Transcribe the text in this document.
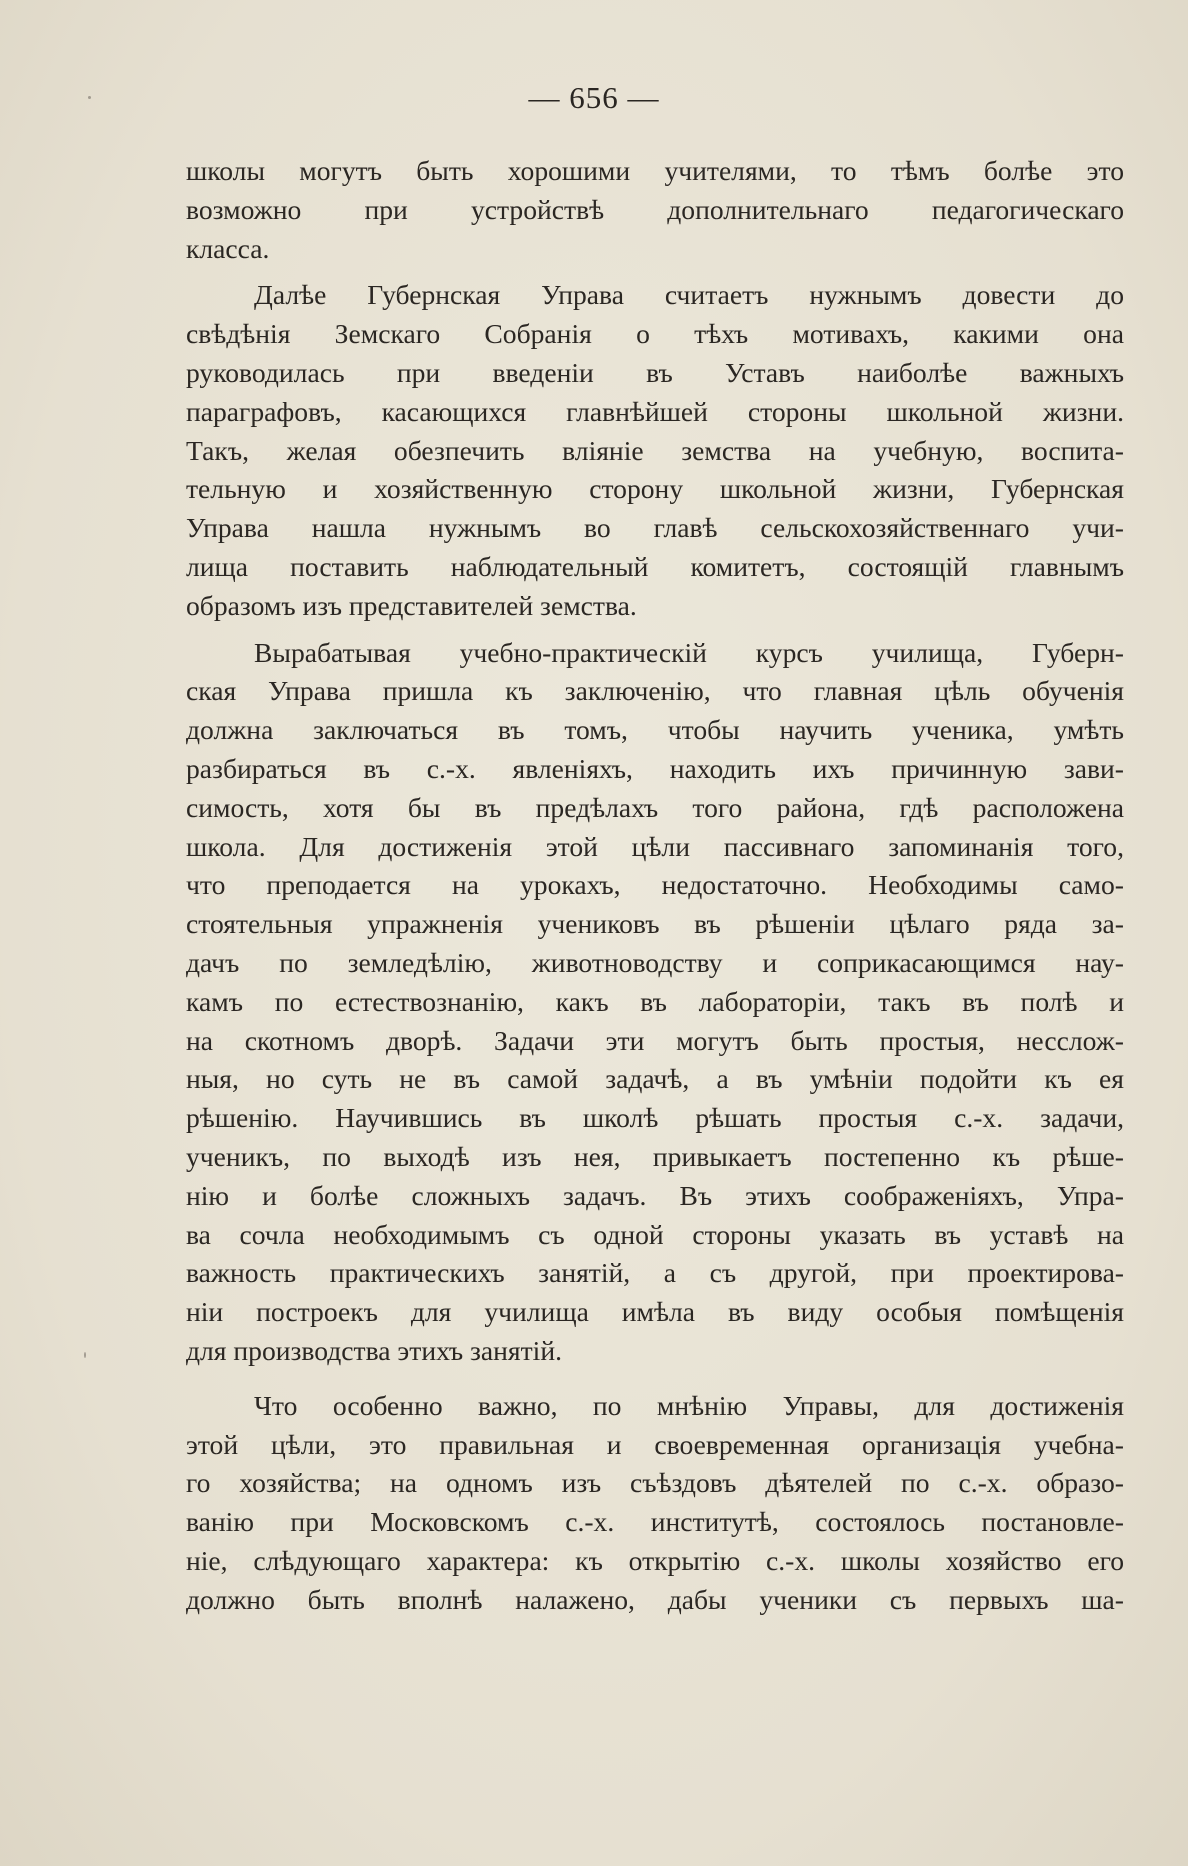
— 656 —
школы могутъ быть хорошими учителями, то тѣмъ болѣе это
возможно при устройствѣ дополнительнаго педагогическаго
класса.
Далѣе Губернская Управа считаетъ нужнымъ довести до
свѣдѣнія Земскаго Собранія о тѣхъ мотивахъ, какими она
руководилась при введеніи въ Уставъ наиболѣе важныхъ
параграфовъ, касающихся главнѣйшей стороны школьной жизни.
Такъ, желая обезпечить вліяніе земства на учебную, воспита-
тельную и хозяйственную сторону школьной жизни, Губернская
Управа нашла нужнымъ во главѣ сельскохозяйственнаго учи-
лища поставить наблюдательный комитетъ, состоящій главнымъ
образомъ изъ представителей земства.
Вырабатывая учебно-практическій курсъ училища, Губерн-
ская Управа пришла къ заключенію, что главная цѣль обученія
должна заключаться въ томъ, чтобы научить ученика, умѣть
разбираться въ с.-х. явленіяхъ, находить ихъ причинную зави-
симость, хотя бы въ предѣлахъ того района, гдѣ расположена
школа. Для достиженія этой цѣли пассивнаго запоминанія того,
что преподается на урокахъ, недостаточно. Необходимы само-
стоятельныя упражненія учениковъ въ рѣшеніи цѣлаго ряда за-
дачъ по земледѣлію, животноводству и соприкасающимся нау-
камъ по естествознанію, какъ въ лабораторіи, такъ въ полѣ и
на скотномъ дворѣ. Задачи эти могутъ быть простыя, несслож-
ныя, но суть не въ самой задачѣ, а въ умѣніи подойти къ ея
рѣшенію. Научившись въ школѣ рѣшать простыя с.-х. задачи,
ученикъ, по выходѣ изъ нея, привыкаетъ постепенно къ рѣше-
нію и болѣе сложныхъ задачъ. Въ этихъ соображеніяхъ, Упра-
ва сочла необходимымъ съ одной стороны указать въ уставѣ на
важность практическихъ занятій, а съ другой, при проектирова-
ніи построекъ для училища имѣла въ виду особыя помѣщенія
для производства этихъ занятій.
Что особенно важно, по мнѣнію Управы, для достиженія
этой цѣли, это правильная и своевременная организація учебна-
го хозяйства; на одномъ изъ съѣздовъ дѣятелей по с.-х. образо-
ванію при Московскомъ с.-х. институтѣ, состоялось постановле-
ніе, слѣдующаго характера: къ открытію с.-х. школы хозяйство его
должно быть вполнѣ налажено, дабы ученики съ первыхъ ша-
